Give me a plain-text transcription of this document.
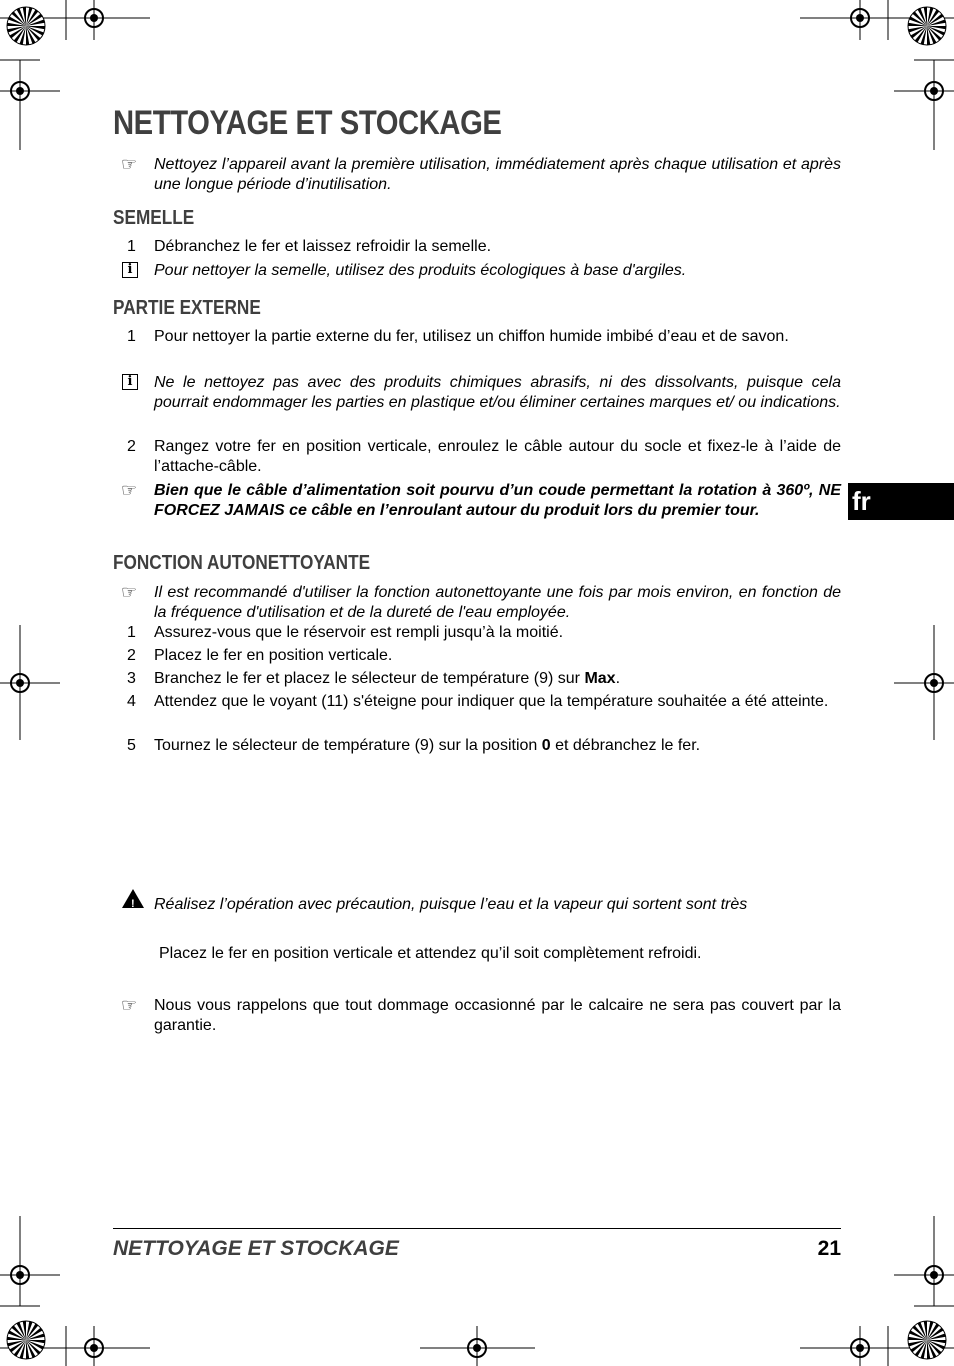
NETTOYAGE ET STOCKAGE
☞	Nettoyez l’appareil avant la première utilisation, immédiatement après chaque utilisation et après une longue période d’inutilisation.
SEMELLE
1 Débranchez le fer et laissez refroidir la semelle.
i	Pour nettoyer la semelle, utilisez des produits écologiques à base d'argiles.
PARTIE EXTERNE
1 Pour nettoyer la partie externe du fer, utilisez un chiffon humide imbibé d’eau et de savon.
i	Ne le nettoyez pas avec des produits chimiques abrasifs, ni des dissolvants, puisque cela pourrait endommager les parties en plastique et/ou éliminer certaines marques et/ ou indications.
2 Rangez votre fer en position verticale, enroulez le câble autour du socle et fixez-le à l’aide de l’attache-câble.
☞	Bien que le câble d’alimentation soit pourvu d’un coude permettant la rotation à 360º, NE FORCEZ JAMAIS ce câble en l’enroulant autour du produit lors du premier tour.
FONCTION AUTONETTOYANTE
☞	Il est recommandé d'utiliser la fonction autonettoyante une fois par mois environ, en fonction de la fréquence d'utilisation et de la dureté de l'eau employée.
1 Assurez-vous que le réservoir est rempli jusqu’à la moitié.
2 Placez le fer en position verticale.
3 Branchez le fer et placez le sélecteur de température (9) sur Max.
4 Attendez que le voyant (11) s'éteigne pour indiquer que la température souhaitée a été atteinte.
5 Tournez le sélecteur de température (9) sur la position 0 et débranchez le fer.
! Réalisez l’opération avec précaution, puisque l’eau et la vapeur qui sortent sont très
Placez le fer en position verticale et attendez qu’il soit complètement refroidi.
☞	Nous vous rappelons que tout dommage occasionné par le calcaire ne sera pas couvert par la garantie.
fr
NETTOYAGE ET STOCKAGE	21
